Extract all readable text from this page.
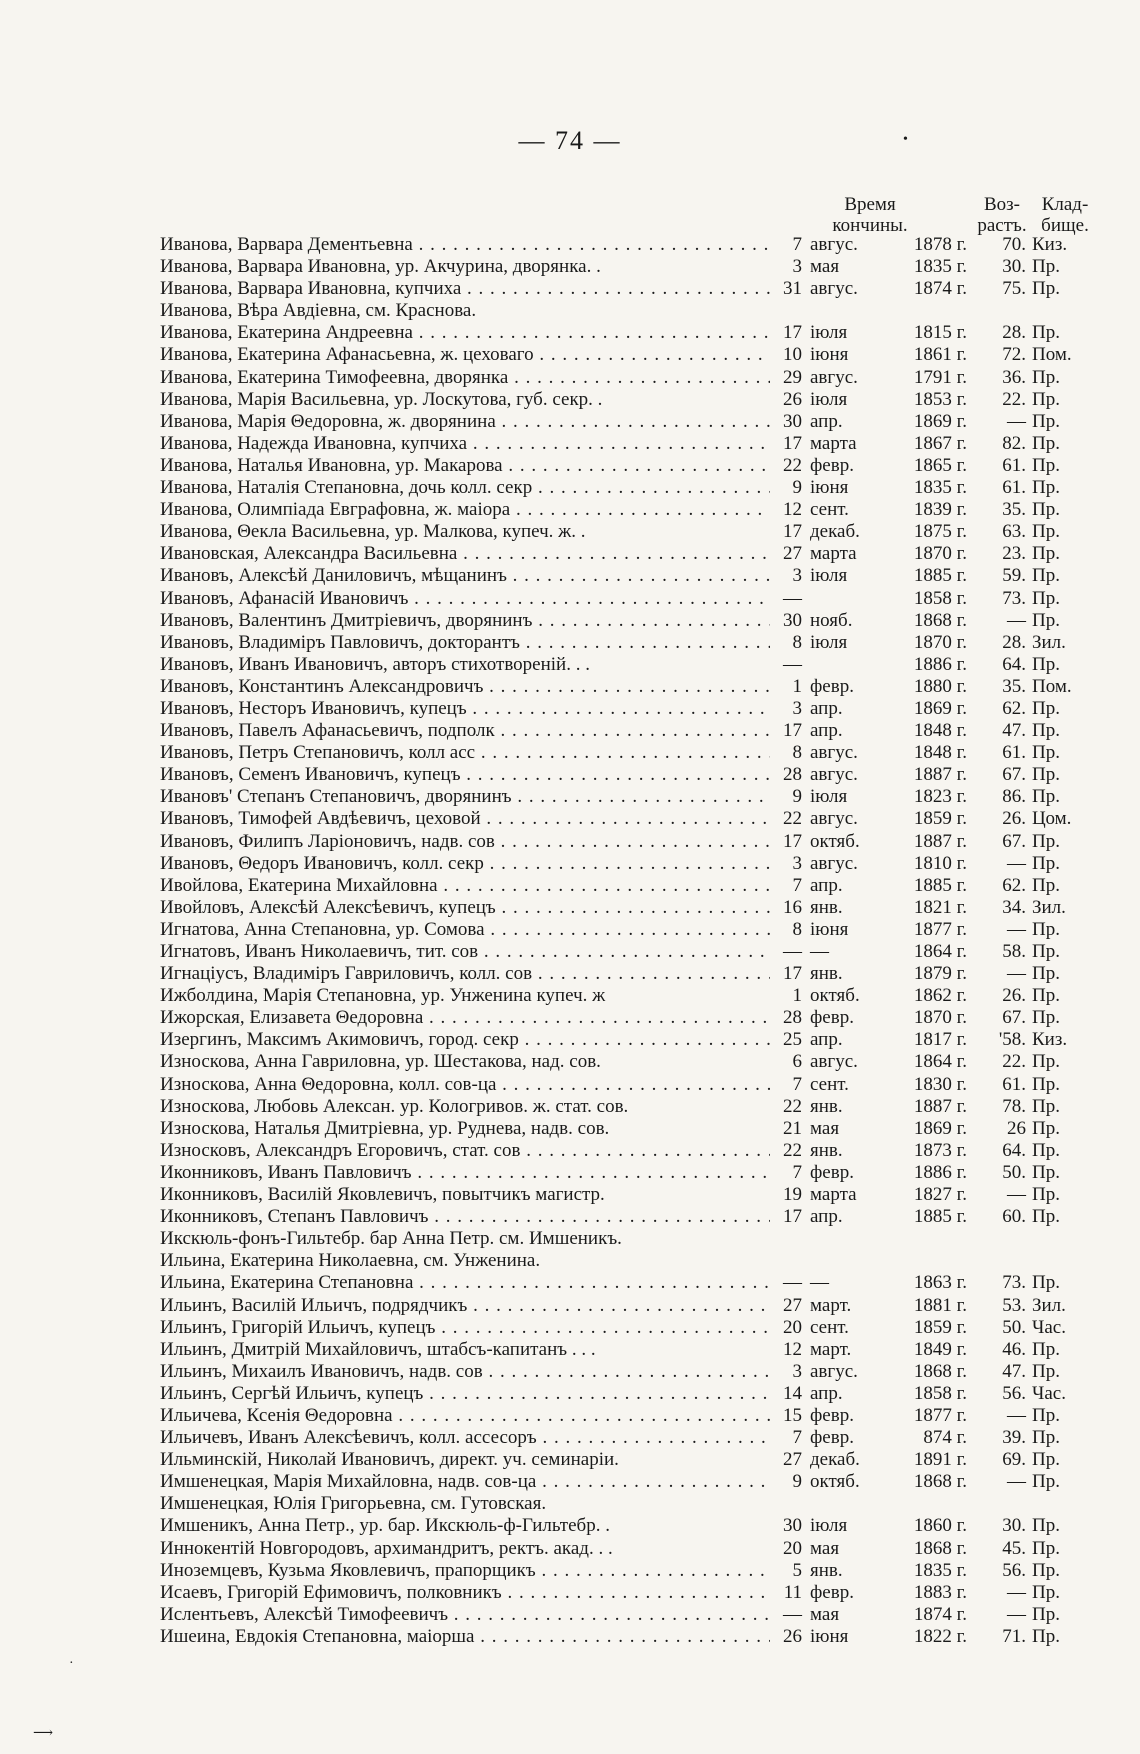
— 74 —	•
·
⟶
Время
кончины.
Воз-
растъ.
Клад-
бище.
Иванова, Варвара Дементьевна . . .	7 авгус.	1878 г.	70. Киз.
Иванова, Варвара Ивановна, ур. Акчурина, дворянка. .	3 мая	1835 г.	30. Пр.
Иванова, Варвара Ивановна, купчиха . . .	31 авгус.	1874 г.	75. Пр.
Иванова, Вѣра Авдіевна, см. Краснова.
Иванова, Екатерина Андреевна . . .	17 іюля	1815 г.	28. Пр.
Иванова, Екатерина Афанасьевна, ж. цеховаго . . .	10 іюня	1861 г.	72. Пом.
Иванова, Екатерина Тимофеевна, дворянка . . .	29 авгус.	1791 г.	36. Пр.
Иванова, Марія Васильевна, ур. Лоскутова, губ. секр. .	26 іюля	1853 г.	22. Пр.
Иванова, Марія Θедоровна, ж. дворянина . . .	30 апр.	1869 г.	— Пр.
Иванова, Надежда Ивановна, купчиха . . .	17 марта	1867 г.	82. Пр.
Иванова, Наталья Ивановна, ур. Макарова . . .	22 февр.	1865 г.	61. Пр.
Иванова, Наталія Степановна, дочь колл. секр . . .	9 іюня	1835 г.	61. Пр.
Иванова, Олимпіада Евграфовна, ж. маіора . . .	12 сент.	1839 г.	35. Пр.
Иванова, Θекла Васильевна, ур. Малкова, купеч. ж. .	17 декаб.	1875 г.	63. Пр.
Ивановская, Александра Васильевна . . .	27 марта	1870 г.	23. Пр.
Ивановъ, Алексѣй Даниловичъ, мѣщанинъ . . .	3 іюля	1885 г.	59. Пр.
Ивановъ, Афанасій Ивановичъ . . .	—	1858 г.	73. Пр.
Ивановъ, Валентинъ Дмитріевичъ, дворянинъ . . .	30 нояб.	1868 г.	— Пр.
Ивановъ, Владиміръ Павловичъ, докторантъ . . .	8 іюля	1870 г.	28. Зил.
Ивановъ, Иванъ Ивановичъ, авторъ стихотвореній. . .	—	1886 г.	64. Пр.
Ивановъ, Константинъ Александровичъ . . .	1 февр.	1880 г.	35. Пом.
Ивановъ, Несторъ Ивановичъ, купецъ . . .	3 апр.	1869 г.	62. Пр.
Ивановъ, Павелъ Афанасьевичъ, подполк . . .	17 апр.	1848 г.	47. Пр.
Ивановъ, Петръ Степановичъ, колл асс . . .	8 авгус.	1848 г.	61. Пр.
Ивановъ, Семенъ Ивановичъ, купецъ . . .	28 авгус.	1887 г.	67. Пр.
Ивановъ' Степанъ Степановичъ, дворянинъ . . .	9 іюля	1823 г.	86. Пр.
Ивановъ, Тимофей Авдѣевичъ, цеховой . . .	22 авгус.	1859 г.	26. Цом.
Ивановъ, Филипъ Ларіоновичъ, надв. сов . . .	17 октяб.	1887 г.	67. Пр.
Ивановъ, Θедоръ Ивановичъ, колл. секр . . .	3 авгус.	1810 г.	— Пр.
Ивойлова, Екатерина Михайловна . . .	7 апр.	1885 г.	62. Пр.
Ивойловъ, Алексѣй Алексѣевичъ, купецъ . . .	16 янв.	1821 г.	34. Зил.
Игнатова, Анна Степановна, ур. Сомова . . .	8 іюня	1877 г.	— Пр.
Игнатовъ, Иванъ Николаевичъ, тит. сов . . .	— —	1864 г.	58. Пр.
Игнаціусъ, Владиміръ Гавриловичъ, колл. сов . . .	17 янв.	1879 г.	— Пр.
Ижболдина, Марія Степановна, ур. Унженина купеч. ж	1 октяб.	1862 г.	26. Пр.
Ижорская, Елизавета Θедоровна . . .	28 февр.	1870 г.	67. Пр.
Изергинъ, Максимъ Акимовичъ, город. секр . . .	25 апр.	1817 г.	'58. Киз.
Износкова, Анна Гавриловна, ур. Шестакова, над. сов.	6 авгус.	1864 г.	22. Пр.
Износкова, Анна Θедоровна, колл. сов-ца . . .	7 сент.	1830 г.	61. Пр.
Износкова, Любовь Алексан. ур. Кологривов. ж. стат. сов.	22 янв.	1887 г.	78. Пр.
Износкова, Наталья Дмитріевна, ур. Руднева, надв. сов.	21 мая	1869 г.	26 Пр.
Износковъ, Александръ Егоровичъ, стат. сов . . .	22 янв.	1873 г.	64. Пр.
Иконниковъ, Иванъ Павловичъ . . .	7 февр.	1886 г.	50. Пр.
Иконниковъ, Василій Яковлевичъ, повытчикъ магистр.	19 марта	1827 г.	— Пр.
Иконниковъ, Степанъ Павловичъ . . .	17 апр.	1885 г.	60. Пр.
Икскюль-фонъ-Гильтебр. бар Анна Петр. см. Имшеникъ.
Ильина, Екатерина Николаевна, см. Унженина.
Ильина, Екатерина Степановна . . .	— —	1863 г.	73. Пр.
Ильинъ, Василій Ильичъ, подрядчикъ . . .	27 март.	1881 г.	53. Зил.
Ильинъ, Григорій Ильичъ, купецъ . . .	20 сент.	1859 г.	50. Час.
Ильинъ, Дмитрій Михайловичъ, штабсъ-капитанъ . . .	12 март.	1849 г.	46. Пр.
Ильинъ, Михаилъ Ивановичъ, надв. сов . . .	3 авгус.	1868 г.	47. Пр.
Ильинъ, Сергѣй Ильичъ, купецъ . . .	14 апр.	1858 г.	56. Час.
Ильичева, Ксенія Θедоровна . . .	15 февр.	1877 г.	— Пр.
Ильичевъ, Иванъ Алексѣевичъ, колл. ассесоръ . . .	7 февр.	874 г.	39. Пр.
Ильминскій, Николай Ивановичъ, директ. уч. семинаріи.	27 декаб.	1891 г.	69. Пр.
Имшенецкая, Марія Михайловна, надв. сов-ца . . .	9 октяб.	1868 г.	— Пр.
Имшенецкая, Юлія Григорьевна, см. Гутовская.
Имшеникъ, Анна Петр., ур. бар. Икскюль-ф-Гильтебр. .	30 іюля	1860 г.	30. Пр.
Иннокентій Новгородовъ, архимандритъ, ректъ. акад. . .	20 мая	1868 г.	45. Пр.
Иноземцевъ, Кузьма Яковлевичъ, прапорщикъ . . .	5 янв.	1835 г.	56. Пр.
Исаевъ, Григорій Ефимовичъ, полковникъ . . .	11 февр.	1883 г.	— Пр.
Ислентьевъ, Алексѣй Тимофеевичъ . . .	— мая	1874 г.	— Пр.
Ишеина, Евдокія Степановна, маіорша . . .	26 іюня	1822 г.	71. Пр.
